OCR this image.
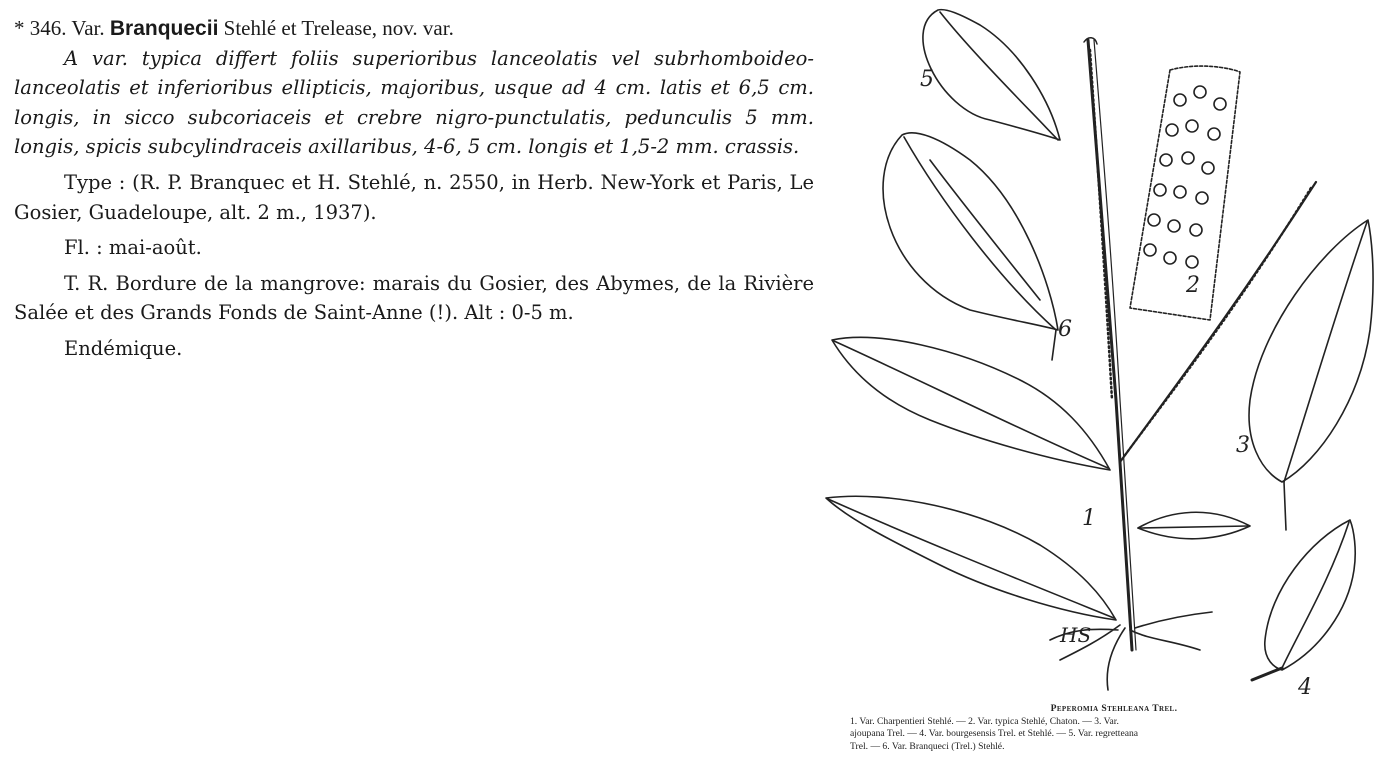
* 346. Var. Branquecii Stehlé et Trelease, nov. var.

A var. typica differt foliis superioribus lanceolatis vel subrhomboideo-lanceolatis et inferioribus ellipticis, majoribus, usque ad 4 cm. latis et 6,5 cm. longis, in sicco subcoriaceis et crebre nigro-punctulatis, pedunculis 5 mm. longis, spicis subcylindraceis axillaribus, 4-6, 5 cm. longis et 1,5-2 mm. crassis.

Type : (R. P. Branquec et H. Stehlé, n. 2550, in Herb. New-York et Paris, Le Gosier, Guadeloupe, alt. 2 m., 1937).

Fl. : mai-août.

T. R. Bordure de la mangrove: marais du Gosier, des Abymes, de la Rivière Salée et des Grands Fonds de Saint-Anne (!). Alt : 0-5 m.

Endémique.

1
2
3
4
5
6
HS
Peperomia Stehleana Trel.
1. Var. Charpentieri Stehlé. — 2. Var. typica Stehlé, Chaton. — 3. Var.
ajoupana Trel. — 4. Var. bourgesensis Trel. et Stehlé. — 5. Var. regretteana
Trel. — 6. Var. Branqueci (Trel.) Stehlé.
